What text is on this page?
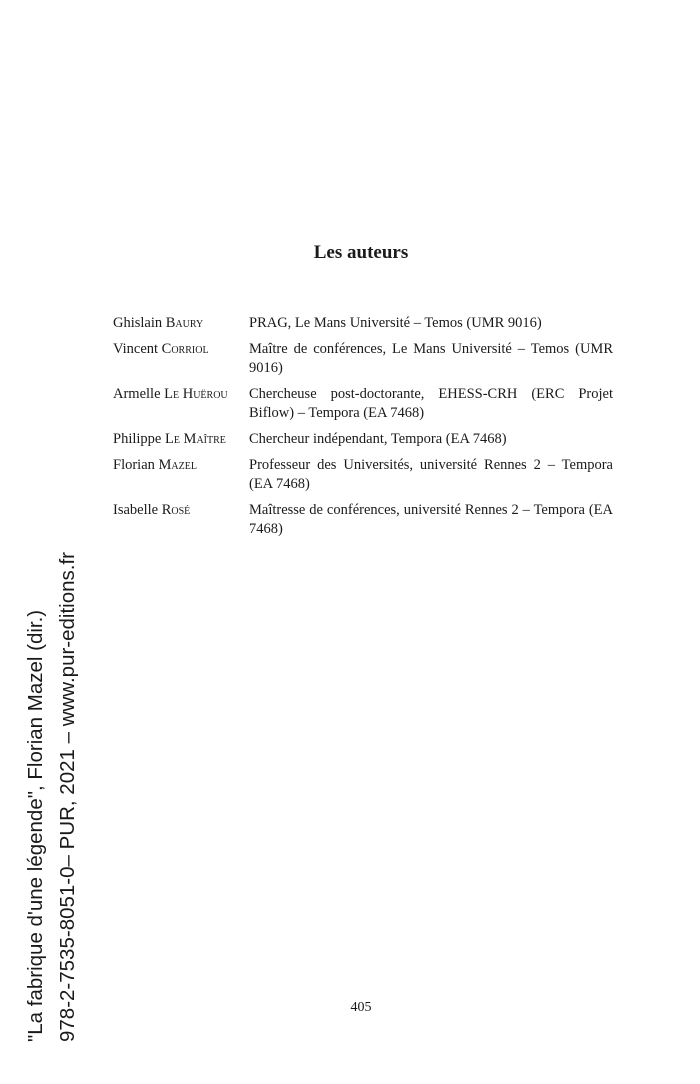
Les auteurs
Ghislain Baury	PRAG, Le Mans Université – Temos (UMR 9016)
Vincent Corriol	Maître de conférences, Le Mans Université – Temos (UMR 9016)
Armelle Le Huërou	Chercheuse post-doctorante, EHESS-CRH (ERC Projet Biflow) – Tempora (EA 7468)
Philippe Le Maître	Chercheur indépendant, Tempora (EA 7468)
Florian Mazel	Professeur des Universités, université Rennes 2 – Tempora (EA 7468)
Isabelle Rosé	Maîtresse de conférences, université Rennes 2 – Tempora (EA 7468)
"La fabrique d'une légende", Florian Mazel (dir.) 978-2-7535-8051-0– PUR, 2021 – www.pur-editions.fr	405
